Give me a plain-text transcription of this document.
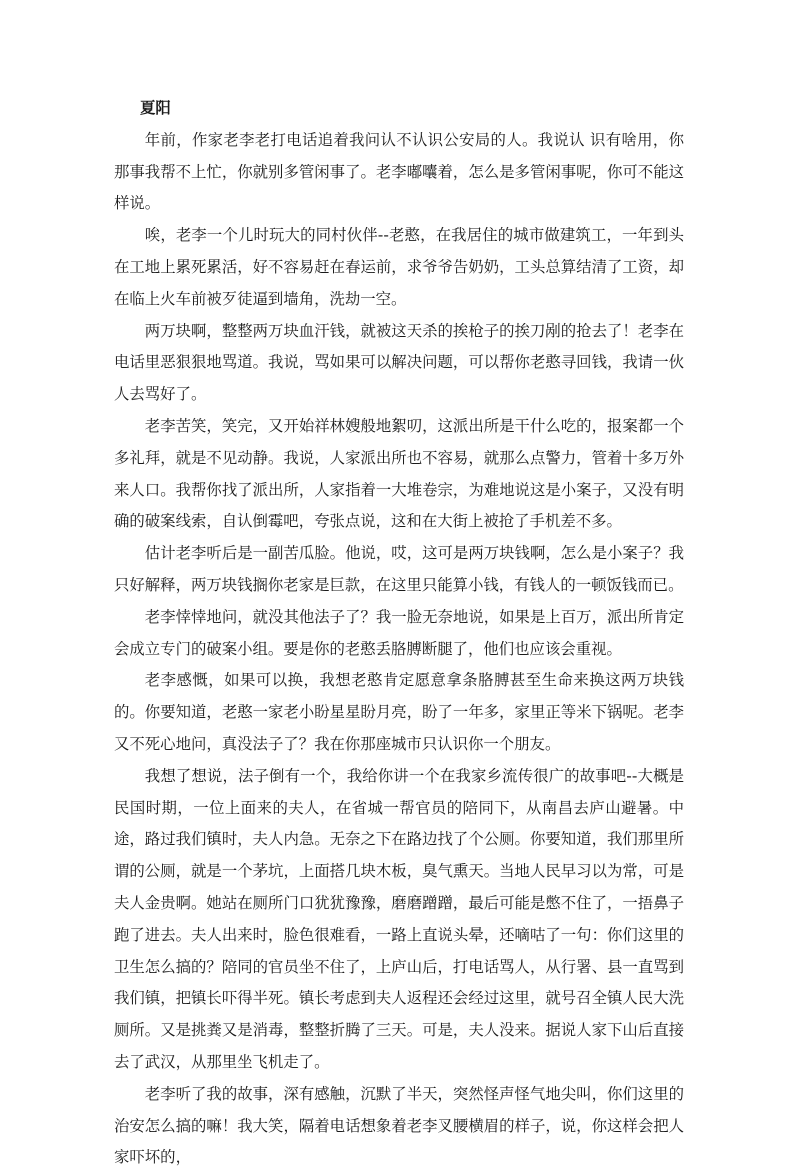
夏阳

年前，作家老李老打电话追着我问认不认识公安局的人。我说认 识有啥用，你那事我帮不上忙，你就别多管闲事了。老李嘟囔着，怎么是多管闲事呢，你可不能这样说。

唉，老李一个儿时玩大的同村伙伴--老憨，在我居住的城市做建筑工，一年到头在工地上累死累活，好不容易赶在春运前，求爷爷告奶奶，工头总算结清了工资，却在临上火车前被歹徒逼到墙角，洗劫一空。

两万块啊，整整两万块血汗钱，就被这天杀的挨枪子的挨刀剐的抢去了！老李在电话里恶狠狠地骂道。我说，骂如果可以解决问题，可以帮你老憨寻回钱，我请一伙人去骂好了。

老李苦笑，笑完，又开始祥林嫂般地絮叨，这派出所是干什么吃的，报案都一个多礼拜，就是不见动静。我说，人家派出所也不容易，就那么点警力，管着十多万外来人口。我帮你找了派出所，人家指着一大堆卷宗，为难地说这是小案子，又没有明确的破案线索，自认倒霉吧，夸张点说，这和在大街上被抢了手机差不多。

估计老李听后是一副苦瓜脸。他说，哎，这可是两万块钱啊，怎么是小案子？我只好解释，两万块钱搁你老家是巨款，在这里只能算小钱，有钱人的一顿饭钱而已。

老李悻悻地问，就没其他法子了？我一脸无奈地说，如果是上百万，派出所肯定会成立专门的破案小组。要是你的老憨丢胳膊断腿了，他们也应该会重视。

老李感慨，如果可以换，我想老憨肯定愿意拿条胳膊甚至生命来换这两万块钱的。你要知道，老憨一家老小盼星星盼月亮，盼了一年多，家里正等米下锅呢。老李又不死心地问，真没法子了？我在你那座城市只认识你一个朋友。

我想了想说，法子倒有一个，我给你讲一个在我家乡流传很广的故事吧--大概是民国时期，一位上面来的夫人，在省城一帮官员的陪同下，从南昌去庐山避暑。中途，路过我们镇时，夫人内急。无奈之下在路边找了个公厕。你要知道，我们那里所谓的公厕，就是一个茅坑，上面搭几块木板，臭气熏天。当地人民早习以为常，可是夫人金贵啊。她站在厕所门口犹犹豫豫，磨磨蹭蹭，最后可能是憋不住了，一捂鼻子跑了进去。夫人出来时，脸色很难看，一路上直说头晕，还嘀咕了一句：你们这里的卫生怎么搞的？陪同的官员坐不住了，上庐山后，打电话骂人，从行署、县一直骂到我们镇，把镇长吓得半死。镇长考虑到夫人返程还会经过这里，就号召全镇人民大洗厕所。又是挑粪又是消毒，整整折腾了三天。可是，夫人没来。据说人家下山后直接去了武汉，从那里坐飞机走了。

老李听了我的故事，深有感触，沉默了半天，突然怪声怪气地尖叫，你们这里的治安怎么搞的嘛！我大笑，隔着电话想象着老李叉腰横眉的样子，说，你这样会把人家吓坏的，
